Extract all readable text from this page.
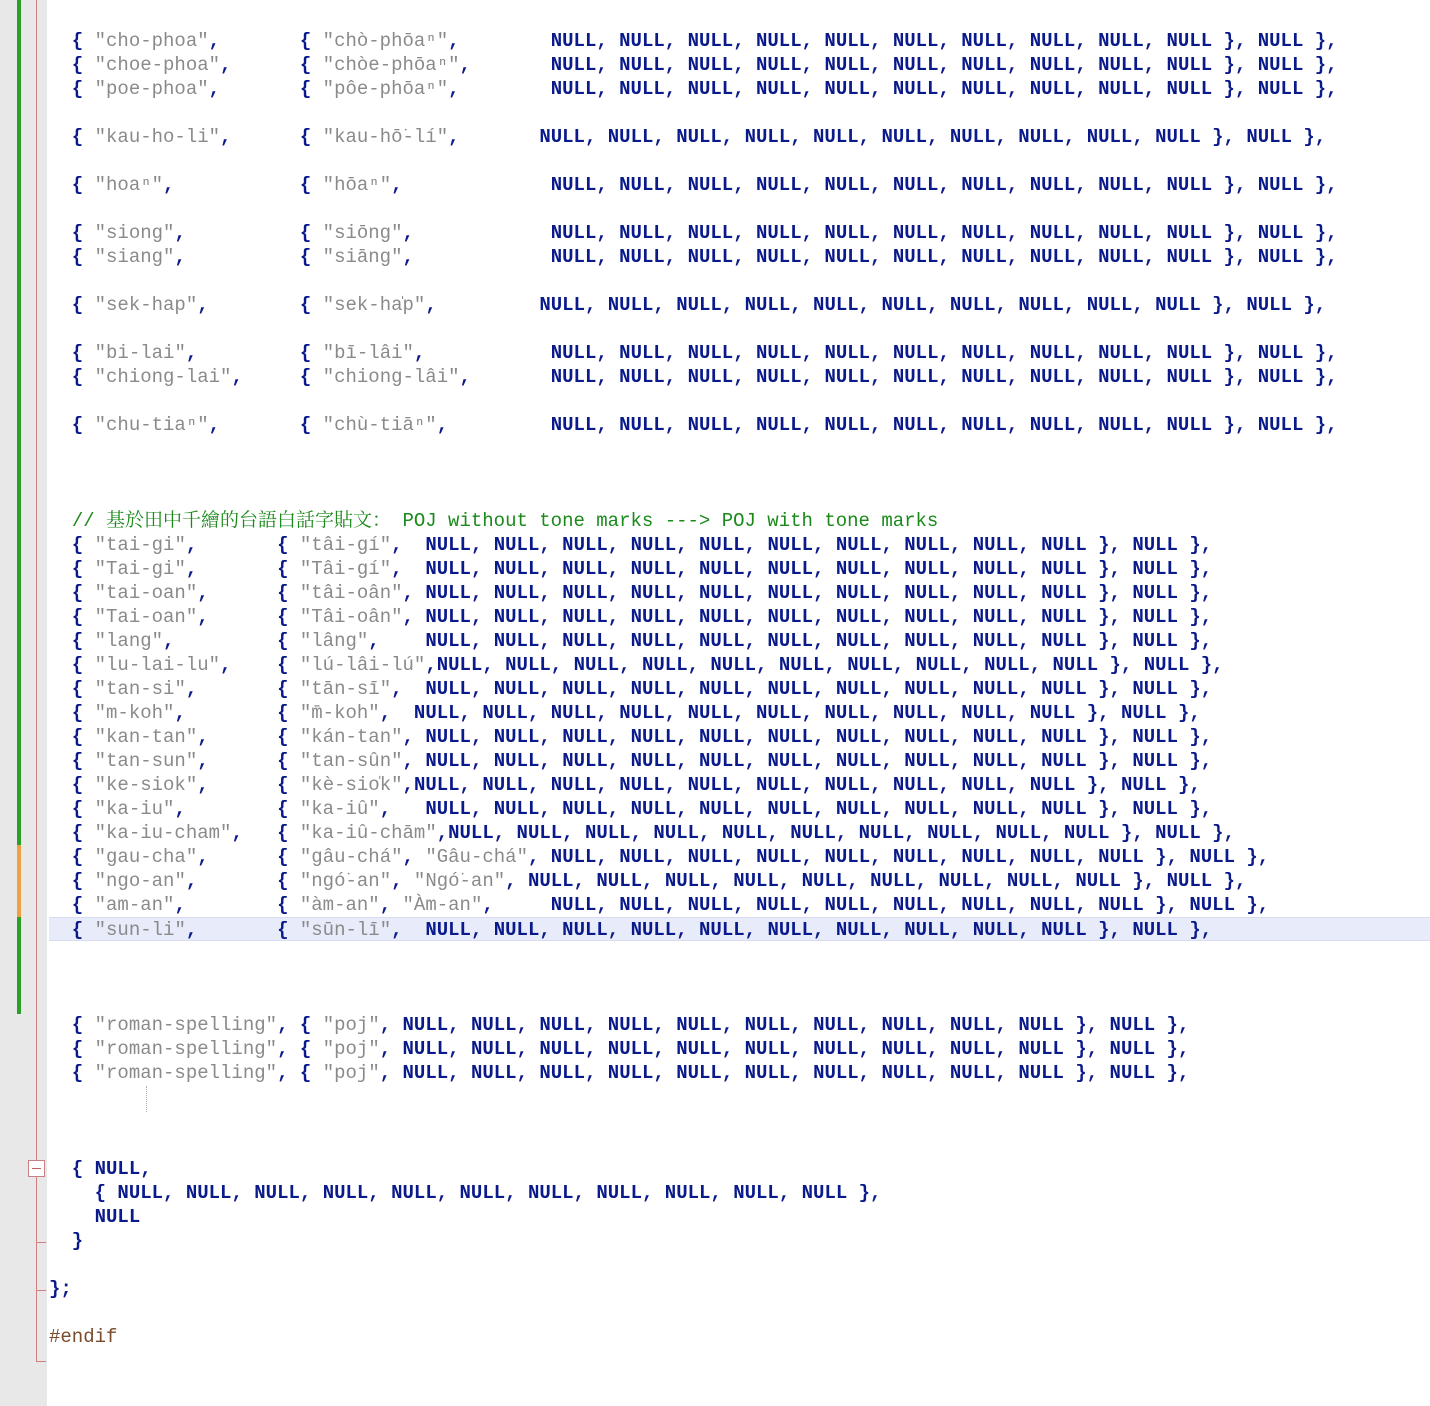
{ "cho-phoa",       { "chò-phōaⁿ",        NULL, NULL, NULL, NULL, NULL, NULL, NULL, NULL, NULL, NULL }, NULL },
{ "choe-phoa",      { "chòe-phōaⁿ",       NULL, NULL, NULL, NULL, NULL, NULL, NULL, NULL, NULL, NULL }, NULL },
{ "poe-phoa",       { "pôe-phōaⁿ",        NULL, NULL, NULL, NULL, NULL, NULL, NULL, NULL, NULL, NULL }, NULL },
{ "kau-ho-li",      { "kau-hō͘-lí",       NULL, NULL, NULL, NULL, NULL, NULL, NULL, NULL, NULL, NULL }, NULL },
{ "hoaⁿ",           { "hōaⁿ",             NULL, NULL, NULL, NULL, NULL, NULL, NULL, NULL, NULL, NULL }, NULL },
{ "siong",          { "siōng",            NULL, NULL, NULL, NULL, NULL, NULL, NULL, NULL, NULL, NULL }, NULL },
{ "siang",          { "siāng",            NULL, NULL, NULL, NULL, NULL, NULL, NULL, NULL, NULL, NULL }, NULL },
{ "sek-hap",        { "sek-ha̍p",         NULL, NULL, NULL, NULL, NULL, NULL, NULL, NULL, NULL, NULL }, NULL },
{ "bi-lai",         { "bī-lâi",           NULL, NULL, NULL, NULL, NULL, NULL, NULL, NULL, NULL, NULL }, NULL },
{ "chiong-lai",     { "chiong-lâi",       NULL, NULL, NULL, NULL, NULL, NULL, NULL, NULL, NULL, NULL }, NULL },
{ "chu-tiaⁿ",       { "chù-tiāⁿ",         NULL, NULL, NULL, NULL, NULL, NULL, NULL, NULL, NULL, NULL }, NULL },
// 基於田中千繪的台語白話字貼文： POJ without tone marks ---> POJ with tone marks
{ "tai-gi",       { "tâi-gí",  NULL, NULL, NULL, NULL, NULL, NULL, NULL, NULL, NULL, NULL }, NULL },
{ "Tai-gi",       { "Tâi-gí",  NULL, NULL, NULL, NULL, NULL, NULL, NULL, NULL, NULL, NULL }, NULL },
{ "tai-oan",      { "tâi-oân", NULL, NULL, NULL, NULL, NULL, NULL, NULL, NULL, NULL, NULL }, NULL },
{ "Tai-oan",      { "Tâi-oân", NULL, NULL, NULL, NULL, NULL, NULL, NULL, NULL, NULL, NULL }, NULL },
{ "lang",         { "lâng",    NULL, NULL, NULL, NULL, NULL, NULL, NULL, NULL, NULL, NULL }, NULL },
{ "lu-lai-lu",    { "lú-lâi-lú",NULL, NULL, NULL, NULL, NULL, NULL, NULL, NULL, NULL, NULL }, NULL },
{ "tan-si",       { "tān-sī",  NULL, NULL, NULL, NULL, NULL, NULL, NULL, NULL, NULL, NULL }, NULL },
{ "m-koh",        { "m̄-koh",  NULL, NULL, NULL, NULL, NULL, NULL, NULL, NULL, NULL, NULL }, NULL },
{ "kan-tan",      { "kán-tan", NULL, NULL, NULL, NULL, NULL, NULL, NULL, NULL, NULL, NULL }, NULL },
{ "tan-sun",      { "tan-sûn", NULL, NULL, NULL, NULL, NULL, NULL, NULL, NULL, NULL, NULL }, NULL },
{ "ke-siok",      { "kè-sio̍k",NULL, NULL, NULL, NULL, NULL, NULL, NULL, NULL, NULL, NULL }, NULL },
{ "ka-iu",        { "ka-iû",   NULL, NULL, NULL, NULL, NULL, NULL, NULL, NULL, NULL, NULL }, NULL },
{ "ka-iu-cham",   { "ka-iû-chām",NULL, NULL, NULL, NULL, NULL, NULL, NULL, NULL, NULL, NULL }, NULL },
{ "gau-cha",      { "gâu-chá", "Gâu-chá", NULL, NULL, NULL, NULL, NULL, NULL, NULL, NULL, NULL }, NULL },
{ "ngo-an",       { "ngó͘-an", "Ngó͘-an", NULL, NULL, NULL, NULL, NULL, NULL, NULL, NULL, NULL }, NULL },
{ "am-an",        { "àm-an", "Àm-an",     NULL, NULL, NULL, NULL, NULL, NULL, NULL, NULL, NULL }, NULL },
{ "sun-li",       { "sūn-lī",  NULL, NULL, NULL, NULL, NULL, NULL, NULL, NULL, NULL, NULL }, NULL },
{ "roman-spelling", { "poj", NULL, NULL, NULL, NULL, NULL, NULL, NULL, NULL, NULL, NULL }, NULL },
{ "roman-spelling", { "poj", NULL, NULL, NULL, NULL, NULL, NULL, NULL, NULL, NULL, NULL }, NULL },
{ "roman-spelling", { "poj", NULL, NULL, NULL, NULL, NULL, NULL, NULL, NULL, NULL, NULL }, NULL },
{ NULL,
{ NULL, NULL, NULL, NULL, NULL, NULL, NULL, NULL, NULL, NULL, NULL },
NULL
}
};
#endif
